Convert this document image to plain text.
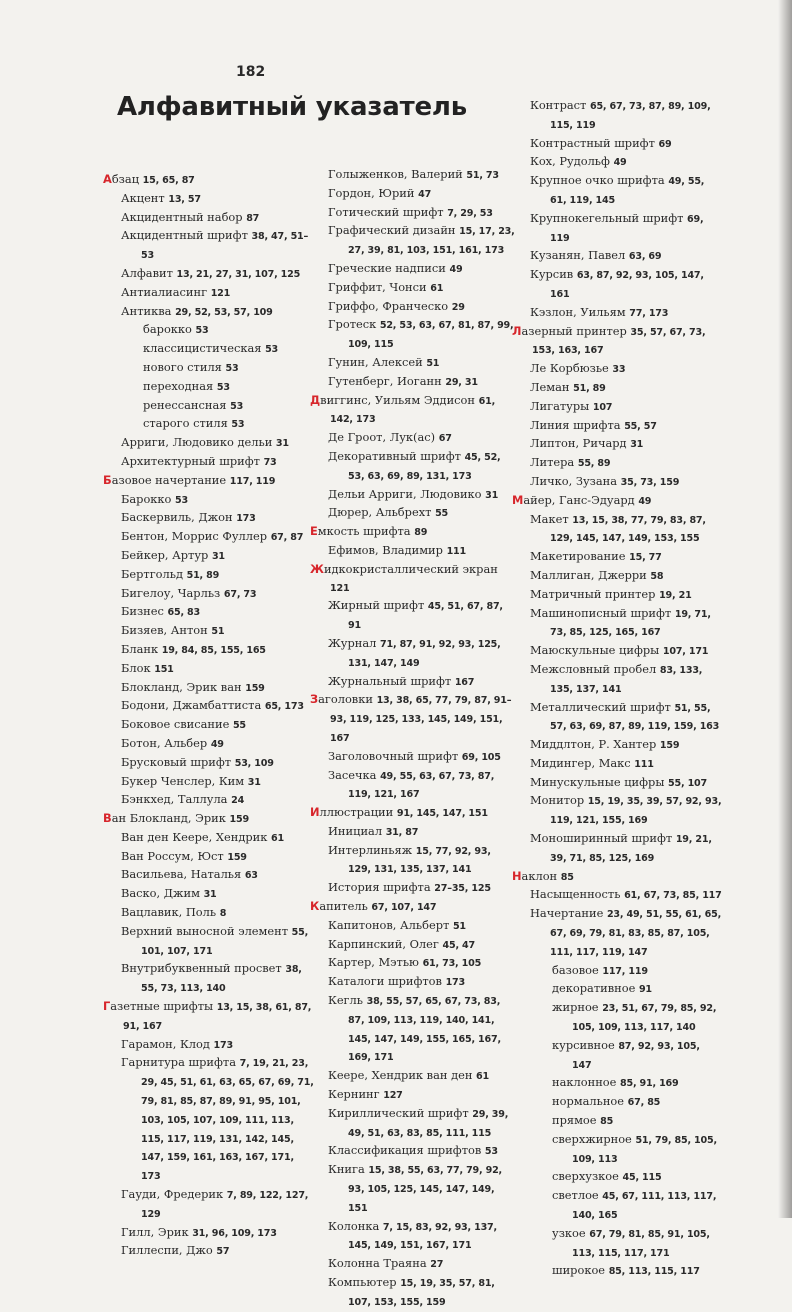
182
Алфавитный указатель

Абзац 15, 65, 87

Акцент 13, 57

Акцидентный набор 87

Акцидентный шрифт 38, 47, 51–53

Алфавит 13, 21, 27, 31, 107, 125

Антиалиасинг 121

Антиква 29, 52, 53, 57, 109

барокко 53

классицистическая 53

нового стиля 53

переходная 53

ренессансная 53

старого стиля 53

Арриги, Людовико дельи 31

Архитектурный шрифт 73

Базовое начертание 117, 119

Барокко 53

Баскервиль, Джон 173

Бентон, Моррис Фуллер 67, 87

Бейкер, Артур 31

Бертгольд 51, 89

Бигелоу, Чарльз 67, 73

Бизнес 65, 83

Бизяев, Антон 51

Бланк 19, 84, 85, 155, 165

Блок 151

Блокланд, Эрик ван 159

Бодони, Джамбаттиста 65, 173

Боковое свисание 55

Ботон, Альбер 49

Брусковый шрифт 53, 109

Букер Ченслер, Ким 31

Бэнкхед, Таллула 24

Ван Блокланд, Эрик 159

Ван ден Кеере, Хендрик 61

Ван Россум, Юст 159

Васильева, Наталья 63

Васко, Джим 31

Вацлавик, Поль 8

Верхний выносной элемент 55, 101, 107, 171

Внутрибуквенный просвет 38, 55, 73, 113, 140

Газетные шрифты 13, 15, 38, 61, 87, 91, 167

Гарамон, Клод 173

Гарнитура шрифта 7, 19, 21, 23, 29, 45, 51, 61, 63, 65, 67, 69, 71, 79, 81, 85, 87, 89, 91, 95, 101, 103, 105, 107, 109, 111, 113, 115, 117, 119, 131, 142, 145, 147, 159, 161, 163, 167, 171, 173

Гауди, Фредерик 7, 89, 122, 127, 129

Гилл, Эрик 31, 96, 109, 173

Гиллеспи, Джо 57

Голыженков, Валерий 51, 73

Гордон, Юрий 47

Готический шрифт 7, 29, 53

Графический дизайн 15, 17, 23, 27, 39, 81, 103, 151, 161, 173

Греческие надписи 49

Гриффит, Чонси 61

Гриффо, Франческо 29

Гротеск 52, 53, 63, 67, 81, 87, 99, 109, 115

Гунин, Алексей 51

Гутенберг, Иоганн 29, 31

Двиггинс, Уильям Эддисон 61, 142, 173

Де Гроот, Лук(ас) 67

Декоративный шрифт 45, 52, 53, 63, 69, 89, 131, 173

Дельи Арриги, Людовико 31

Дюрер, Альбрехт 55

Емкость шрифта 89

Ефимов, Владимир 111

Жидкокристаллический экран 121

Жирный шрифт 45, 51, 67, 87, 91

Журнал 71, 87, 91, 92, 93, 125, 131, 147, 149

Журнальный шрифт 167

Заголовки 13, 38, 65, 77, 79, 87, 91–93, 119, 125, 133, 145, 149, 151, 167

Заголовочный шрифт 69, 105

Засечка 49, 55, 63, 67, 73, 87, 119, 121, 167

Иллюстрации 91, 145, 147, 151

Инициал 31, 87

Интерлиньяж 15, 77, 92, 93, 129, 131, 135, 137, 141

История шрифта 27–35, 125

Капитель 67, 107, 147

Капитонов, Альберт 51

Карпинский, Олег 45, 47

Картер, Мэтью 61, 73, 105

Каталоги шрифтов 173

Кегль 38, 55, 57, 65, 67, 73, 83, 87, 109, 113, 119, 140, 141, 145, 147, 149, 155, 165, 167, 169, 171

Кеере, Хендрик ван ден 61

Кернинг 127

Кириллический шрифт 29, 39, 49, 51, 63, 83, 85, 111, 115

Классификация шрифтов 53

Книга 15, 38, 55, 63, 77, 79, 92, 93, 105, 125, 145, 147, 149, 151

Колонка 7, 15, 83, 92, 93, 137, 145, 149, 151, 167, 171

Колонна Траяна 27

Компьютер 15, 19, 35, 57, 81, 107, 153, 155, 159

Контраст 65, 67, 73, 87, 89, 109, 115, 119

Контрастный шрифт 69

Кох, Рудольф 49

Крупное очко шрифта 49, 55, 61, 119, 145

Крупнокегельный шрифт 69, 119

Кузанян, Павел 63, 69

Курсив 63, 87, 92, 93, 105, 147, 161

Кэзлон, Уильям 77, 173

Лазерный принтер 35, 57, 67, 73, 153, 163, 167

Ле Корбюзье 33

Леман 51, 89

Лигатуры 107

Линия шрифта 55, 57

Липтон, Ричард 31

Литера 55, 89

Личко, Зузана 35, 73, 159

Майер, Ганс-Эдуард 49

Макет 13, 15, 38, 77, 79, 83, 87, 129, 145, 147, 149, 153, 155

Макетирование 15, 77

Маллиган, Джерри 58

Матричный принтер 19, 21

Машинописный шрифт 19, 71, 73, 85, 125, 165, 167

Маюскульные цифры 107, 171

Межсловный пробел 83, 133, 135, 137, 141

Металлический шрифт 51, 55, 57, 63, 69, 87, 89, 119, 159, 163

Миддлтон, Р. Хантер 159

Мидингер, Макс 111

Минускульные цифры 55, 107

Монитор 15, 19, 35, 39, 57, 92, 93, 119, 121, 155, 169

Моноширинный шрифт 19, 21, 39, 71, 85, 125, 169

Наклон 85

Насыщенность 61, 67, 73, 85, 117

Начертание 23, 49, 51, 55, 61, 65, 67, 69, 79, 81, 83, 85, 87, 105, 111, 117, 119, 147

базовое 117, 119

декоративное 91

жирное 23, 51, 67, 79, 85, 92, 105, 109, 113, 117, 140

курсивное 87, 92, 93, 105, 147

наклонное 85, 91, 169

нормальное 67, 85

прямое 85

сверхжирное 51, 79, 85, 105, 109, 113

сверхузкое 45, 115

светлое 45, 67, 111, 113, 117, 140, 165

узкое 67, 79, 81, 85, 91, 105, 113, 115, 117, 171

широкое 85, 113, 115, 117
